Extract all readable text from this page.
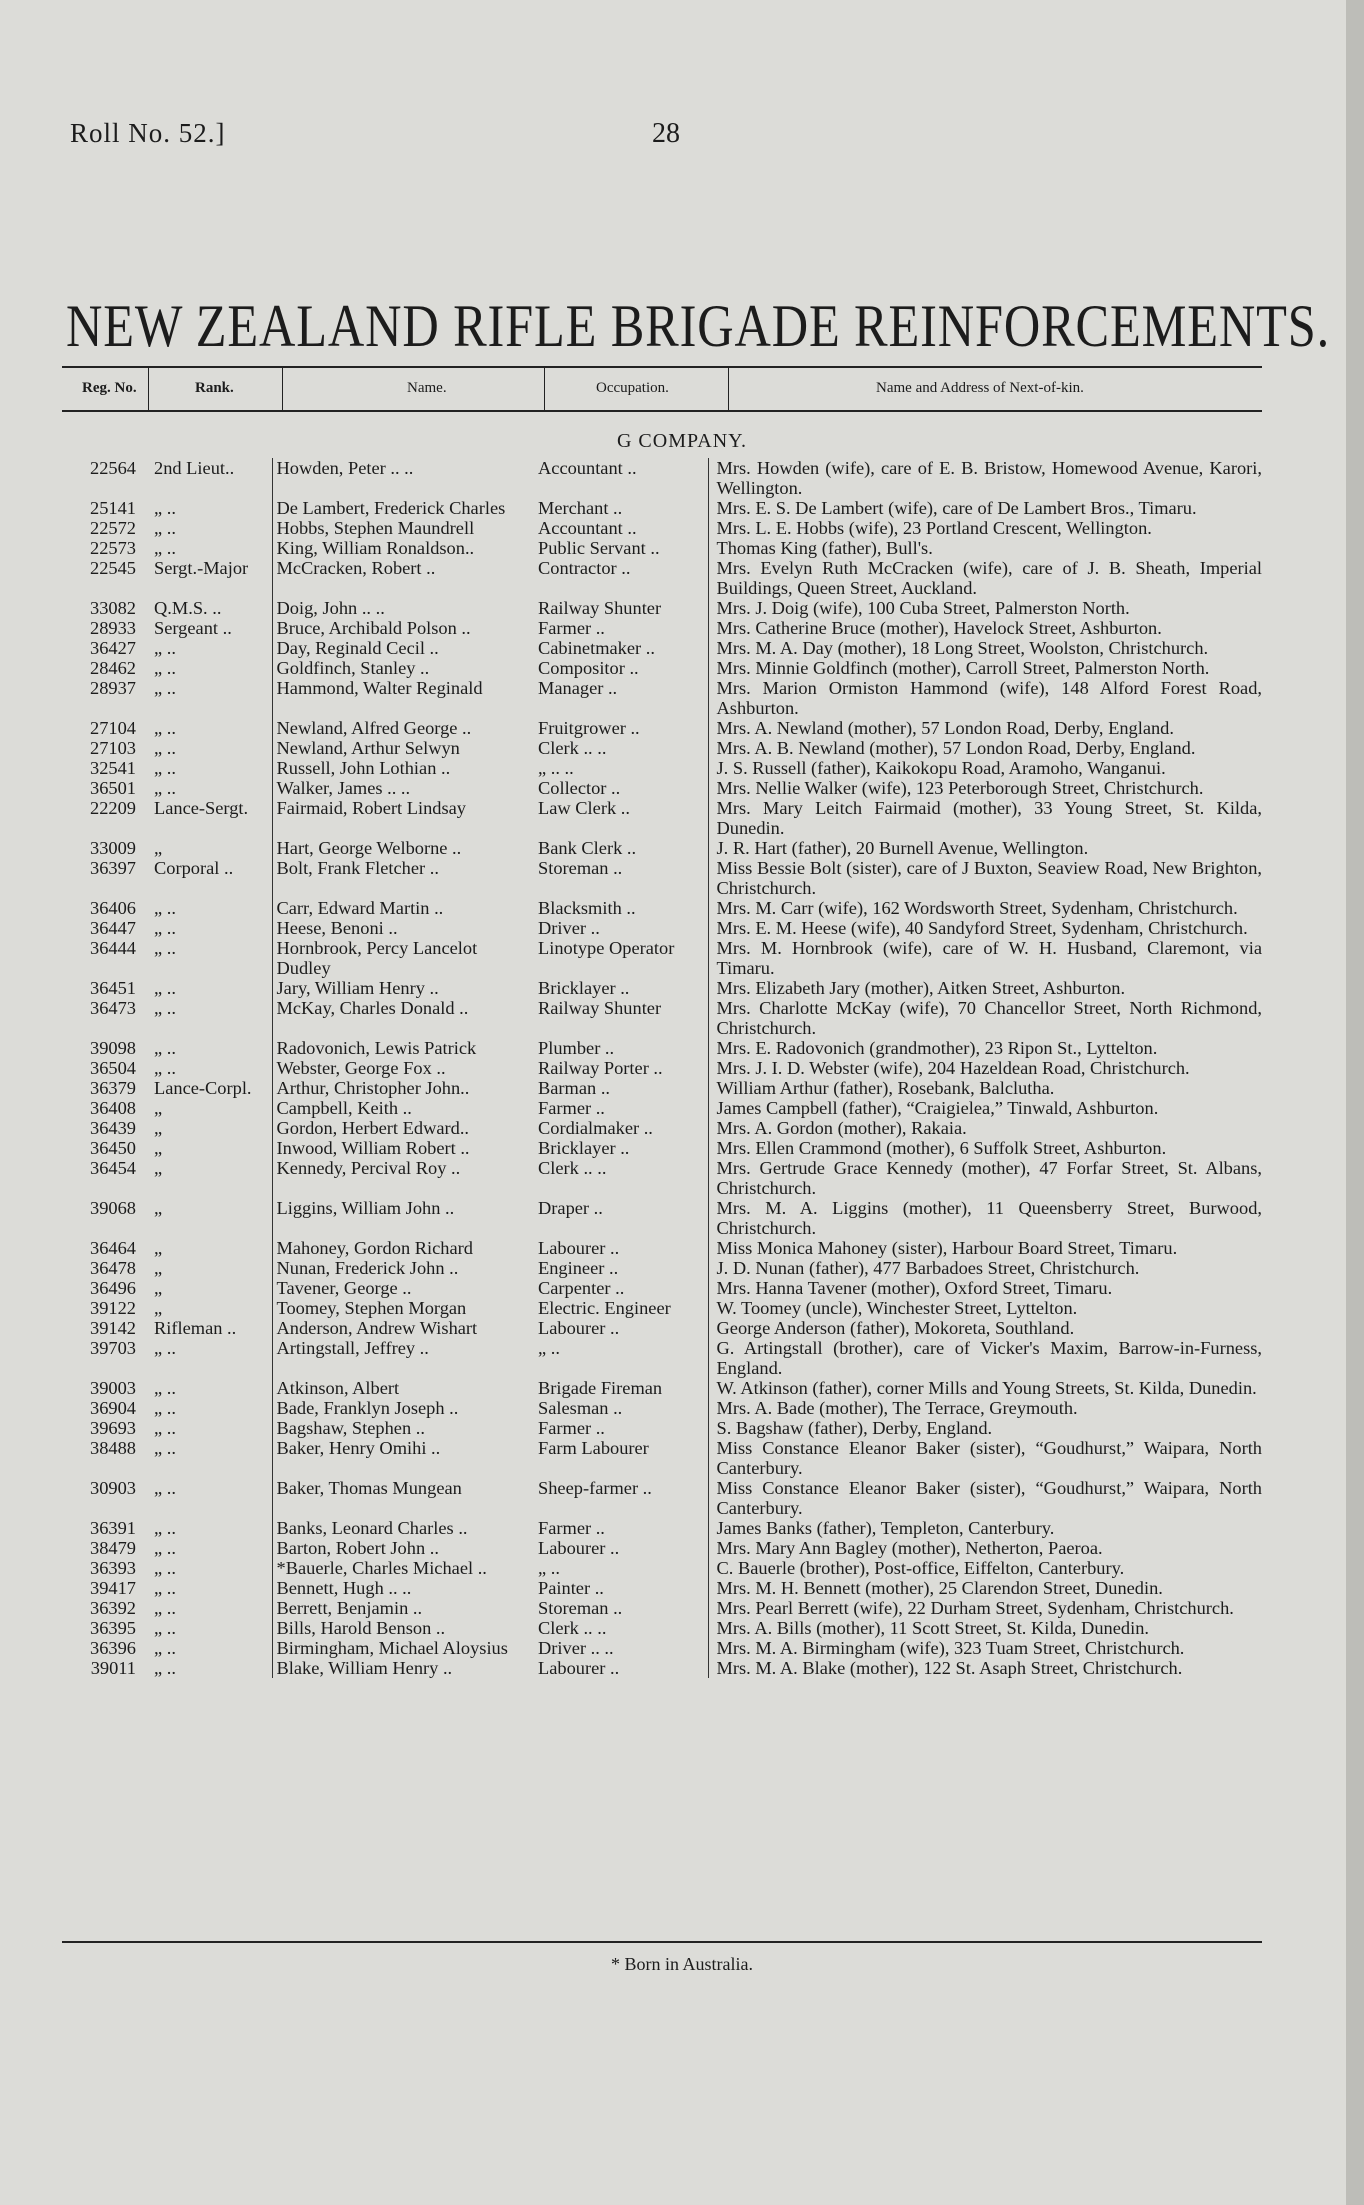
Roll No. 52.]	28
NEW ZEALAND RIFLE BRIGADE REINFORCEMENTS.
Reg. No.	Rank.	Name.	Occupation.	Name and Address of Next-of-kin.
G COMPANY.
22564	2nd Lieut..	Howden, Peter .. ..	Accountant ..	Mrs. Howden (wife), care of E. B. Bristow, Homewood Avenue, Karori, Wellington.
25141	„ ..	De Lambert, Frederick Charles	Merchant ..	Mrs. E. S. De Lambert (wife), care of De Lambert Bros., Timaru.
22572	„ ..	Hobbs, Stephen Maundrell	Accountant ..	Mrs. L. E. Hobbs (wife), 23 Portland Crescent, Wellington.
22573	„ ..	King, William Ronaldson..	Public Servant ..	Thomas King (father), Bull's.
22545	Sergt.-Major	McCracken, Robert ..	Contractor ..	Mrs. Evelyn Ruth McCracken (wife), care of J. B. Sheath, Imperial Buildings, Queen Street, Auckland.
33082	Q.M.S. ..	Doig, John .. ..	Railway Shunter	Mrs. J. Doig (wife), 100 Cuba Street, Palmerston North.
28933	Sergeant ..	Bruce, Archibald Polson ..	Farmer ..	Mrs. Catherine Bruce (mother), Havelock Street, Ashburton.
36427	„ ..	Day, Reginald Cecil ..	Cabinetmaker ..	Mrs. M. A. Day (mother), 18 Long Street, Woolston, Christchurch.
28462	„ ..	Goldfinch, Stanley ..	Compositor ..	Mrs. Minnie Goldfinch (mother), Carroll Street, Palmerston North.
28937	„ ..	Hammond, Walter Reginald	Manager ..	Mrs. Marion Ormiston Hammond (wife), 148 Alford Forest Road, Ashburton.
27104	„ ..	Newland, Alfred George ..	Fruitgrower ..	Mrs. A. Newland (mother), 57 London Road, Derby, England.
27103	„ ..	Newland, Arthur Selwyn	Clerk .. ..	Mrs. A. B. Newland (mother), 57 London Road, Derby, England.
32541	„ ..	Russell, John Lothian ..	„ .. ..	J. S. Russell (father), Kaikokopu Road, Aramoho, Wanganui.
36501	„ ..	Walker, James .. ..	Collector ..	Mrs. Nellie Walker (wife), 123 Peterborough Street, Christchurch.
22209	Lance-Sergt.	Fairmaid, Robert Lindsay	Law Clerk ..	Mrs. Mary Leitch Fairmaid (mother), 33 Young Street, St. Kilda, Dunedin.
33009	„	Hart, George Welborne ..	Bank Clerk ..	J. R. Hart (father), 20 Burnell Avenue, Wellington.
36397	Corporal ..	Bolt, Frank Fletcher ..	Storeman ..	Miss Bessie Bolt (sister), care of J Buxton, Seaview Road, New Brighton, Christchurch.
36406	„ ..	Carr, Edward Martin ..	Blacksmith ..	Mrs. M. Carr (wife), 162 Wordsworth Street, Sydenham, Christchurch.
36447	„ ..	Heese, Benoni ..	Driver ..	Mrs. E. M. Heese (wife), 40 Sandyford Street, Sydenham, Christchurch.
36444	„ ..	Hornbrook, Percy Lancelot Dudley	Linotype Operator	Mrs. M. Hornbrook (wife), care of W. H. Husband, Claremont, via Timaru.
36451	„ ..	Jary, William Henry ..	Bricklayer ..	Mrs. Elizabeth Jary (mother), Aitken Street, Ashburton.
36473	„ ..	McKay, Charles Donald ..	Railway Shunter	Mrs. Charlotte McKay (wife), 70 Chancellor Street, North Richmond, Christchurch.
39098	„ ..	Radovonich, Lewis Patrick	Plumber ..	Mrs. E. Radovonich (grandmother), 23 Ripon St., Lyttelton.
36504	„ ..	Webster, George Fox ..	Railway Porter ..	Mrs. J. I. D. Webster (wife), 204 Hazeldean Road, Christchurch.
36379	Lance-Corpl.	Arthur, Christopher John..	Barman ..	William Arthur (father), Rosebank, Balclutha.
36408	„	Campbell, Keith ..	Farmer ..	James Campbell (father), “Craigielea,” Tinwald, Ashburton.
36439	„	Gordon, Herbert Edward..	Cordialmaker ..	Mrs. A. Gordon (mother), Rakaia.
36450	„	Inwood, William Robert ..	Bricklayer ..	Mrs. Ellen Crammond (mother), 6 Suffolk Street, Ashburton.
36454	„	Kennedy, Percival Roy ..	Clerk .. ..	Mrs. Gertrude Grace Kennedy (mother), 47 Forfar Street, St. Albans, Christchurch.
39068	„	Liggins, William John ..	Draper ..	Mrs. M. A. Liggins (mother), 11 Queensberry Street, Burwood, Christchurch.
36464	„	Mahoney, Gordon Richard	Labourer ..	Miss Monica Mahoney (sister), Harbour Board Street, Timaru.
36478	„	Nunan, Frederick John ..	Engineer ..	J. D. Nunan (father), 477 Barbadoes Street, Christchurch.
36496	„	Tavener, George ..	Carpenter ..	Mrs. Hanna Tavener (mother), Oxford Street, Timaru.
39122	„	Toomey, Stephen Morgan	Electric. Engineer	W. Toomey (uncle), Winchester Street, Lyttelton.
39142	Rifleman ..	Anderson, Andrew Wishart	Labourer ..	George Anderson (father), Mokoreta, Southland.
39703	„ ..	Artingstall, Jeffrey ..	„ ..	G. Artingstall (brother), care of Vicker's Maxim, Barrow-in-Furness, England.
39003	„ ..	Atkinson, Albert	Brigade Fireman	W. Atkinson (father), corner Mills and Young Streets, St. Kilda, Dunedin.
36904	„ ..	Bade, Franklyn Joseph ..	Salesman ..	Mrs. A. Bade (mother), The Terrace, Greymouth.
39693	„ ..	Bagshaw, Stephen ..	Farmer ..	S. Bagshaw (father), Derby, England.
38488	„ ..	Baker, Henry Omihi ..	Farm Labourer	Miss Constance Eleanor Baker (sister), “Goudhurst,” Waipara, North Canterbury.
30903	„ ..	Baker, Thomas Mungean	Sheep-farmer ..	Miss Constance Eleanor Baker (sister), “Goudhurst,” Waipara, North Canterbury.
36391	„ ..	Banks, Leonard Charles ..	Farmer ..	James Banks (father), Templeton, Canterbury.
38479	„ ..	Barton, Robert John ..	Labourer ..	Mrs. Mary Ann Bagley (mother), Netherton, Paeroa.
36393	„ ..	*Bauerle, Charles Michael ..	„ ..	C. Bauerle (brother), Post-office, Eiffelton, Canterbury.
39417	„ ..	Bennett, Hugh .. ..	Painter ..	Mrs. M. H. Bennett (mother), 25 Clarendon Street, Dunedin.
36392	„ ..	Berrett, Benjamin ..	Storeman ..	Mrs. Pearl Berrett (wife), 22 Durham Street, Sydenham, Christchurch.
36395	„ ..	Bills, Harold Benson ..	Clerk .. ..	Mrs. A. Bills (mother), 11 Scott Street, St. Kilda, Dunedin.
36396	„ ..	Birmingham, Michael Aloysius	Driver .. ..	Mrs. M. A. Birmingham (wife), 323 Tuam Street, Christchurch.
39011	„ ..	Blake, William Henry ..	Labourer ..	Mrs. M. A. Blake (mother), 122 St. Asaph Street, Christchurch.
* Born in Australia.
